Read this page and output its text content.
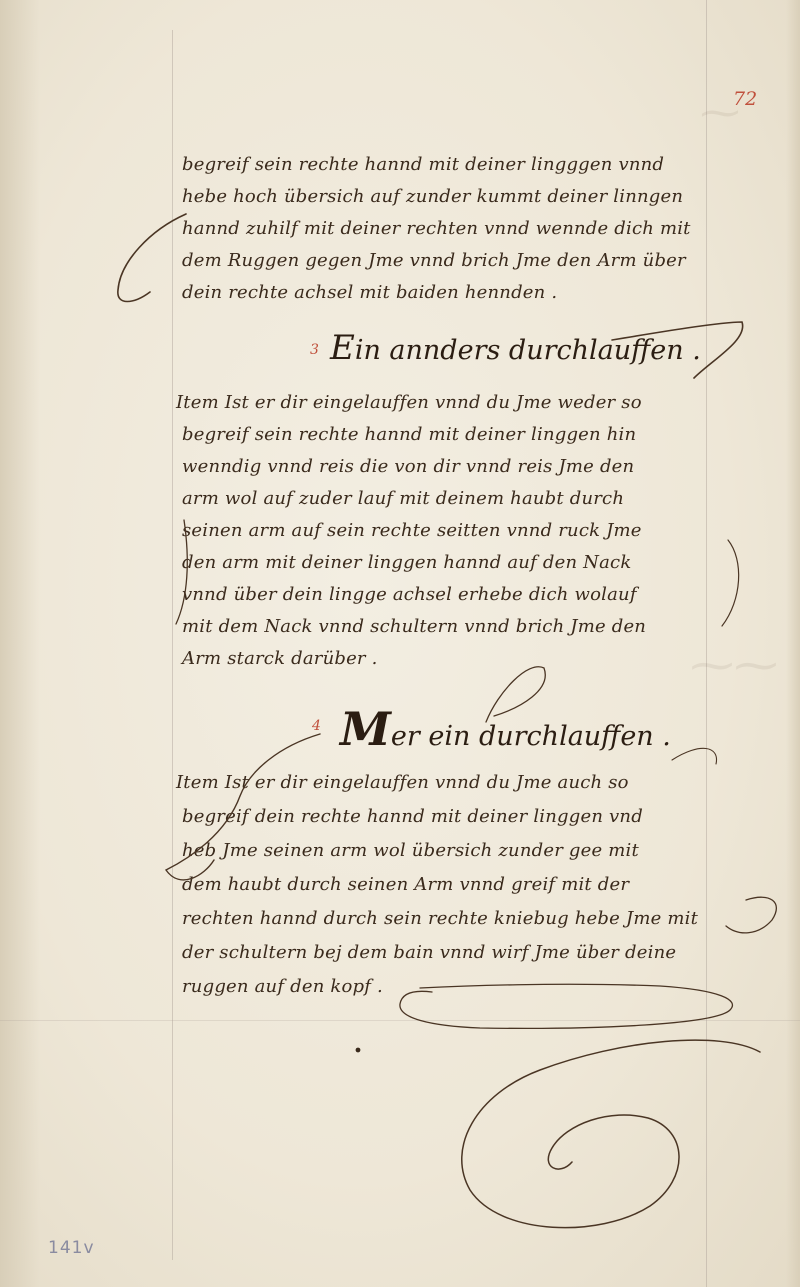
⁓⁓
⁓
72
begreif sein rechte hannd mit deiner lingggen vnnd
hebe hoch übersich auf zunder kummt deiner linngen
hannd zuhilf mit deiner rechten vnnd wennde dich mit
dem Ruggen gegen Jme vnnd brich Jme den Arm über
dein rechte achsel mit baiden hennden .
3 Ein annders durchlauffen .
Item Ist er dir eingelauffen vnnd du Jme weder so
begreif sein rechte hannd mit deiner linggen hin
wenndig vnnd reis die von dir vnnd reis Jme den
arm wol auf zuder lauf mit deinem haubt durch
seinen arm auf sein rechte seitten vnnd ruck Jme
den arm mit deiner linggen hannd auf den Nack
vnnd über dein lingge achsel erhebe dich wolauf
mit dem Nack vnnd schultern vnnd brich Jme den
Arm starck darüber .
4 Mer ein durchlauffen .
Item Ist er dir eingelauffen vnnd du Jme auch so
begreif dein rechte hannd mit deiner linggen vnd
heb Jme seinen arm wol übersich zunder gee mit
dem haubt durch seinen Arm vnnd greif mit der
rechten hannd durch sein rechte kniebug hebe Jme mit
der schultern bej dem bain vnnd wirf Jme über deine
ruggen auf den kopf .
141v
